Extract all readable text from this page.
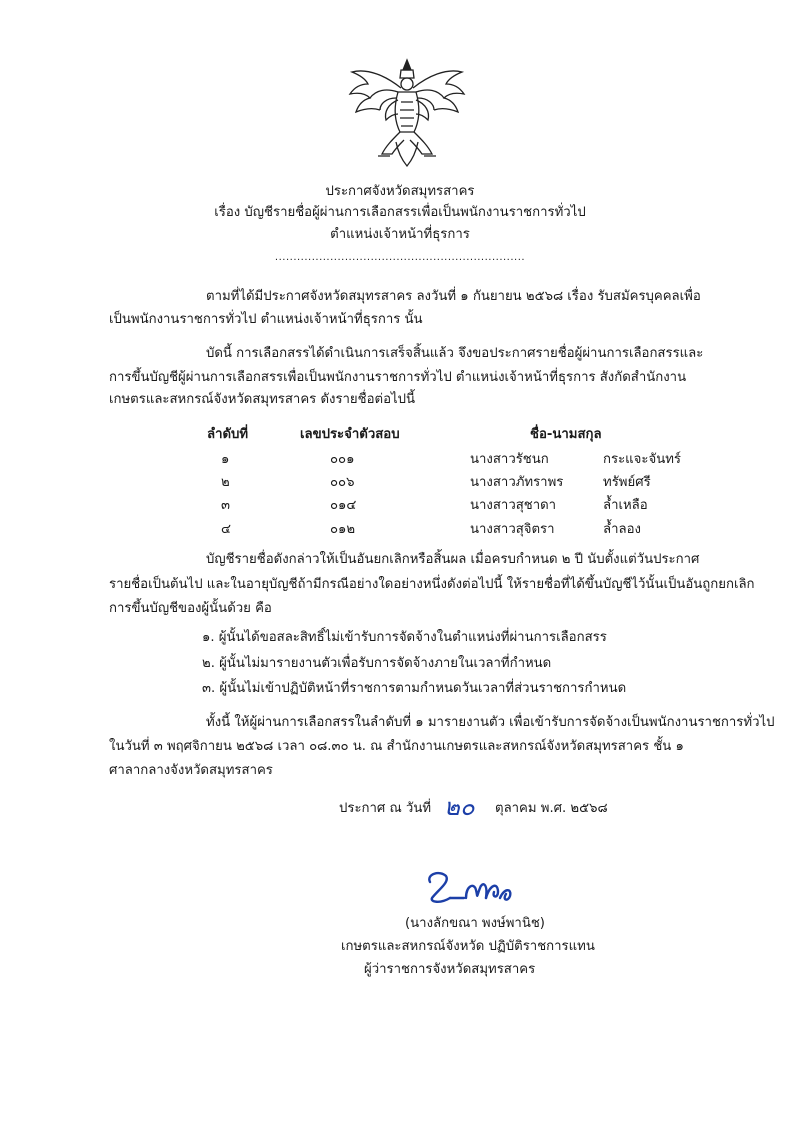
ประกาศจังหวัดสมุทรสาคร

เรื่อง บัญชีรายชื่อผู้ผ่านการเลือกสรรเพื่อเป็นพนักงานราชการทั่วไป

ตำแหน่งเจ้าหน้าที่ธุรการ

....................................................................

ตามที่ได้มีประกาศจังหวัดสมุทรสาคร ลงวันที่ ๑ กันยายน ๒๕๖๘ เรื่อง รับสมัครบุคคลเพื่อ

เป็นพนักงานราชการทั่วไป ตำแหน่งเจ้าหน้าที่ธุรการ นั้น

บัดนี้ การเลือกสรรได้ดำเนินการเสร็จสิ้นแล้ว จึงขอประกาศรายชื่อผู้ผ่านการเลือกสรรและ

การขึ้นบัญชีผู้ผ่านการเลือกสรรเพื่อเป็นพนักงานราชการทั่วไป ตำแหน่งเจ้าหน้าที่ธุรการ สังกัดสำนักงาน

เกษตรและสหกรณ์จังหวัดสมุทรสาคร ดังรายชื่อต่อไปนี้

ลำดับที่	เลขประจำตัวสอบ	ชื่อ-นามสกุล

๑	๐๐๑	นางสาวรัชนก	กระแจะจันทร์

๒	๐๐๖	นางสาวภัทราพร	ทรัพย์ศรี

๓	๐๑๔	นางสาวสุชาดา	ล้ำเหลือ

๔	๐๑๒	นางสาวสุจิตรา	ล้ำลอง

บัญชีรายชื่อดังกล่าวให้เป็นอันยกเลิกหรือสิ้นผล เมื่อครบกำหนด ๒ ปี นับตั้งแต่วันประกาศ

รายชื่อเป็นต้นไป และในอายุบัญชีถ้ามีกรณีอย่างใดอย่างหนึ่งดังต่อไปนี้ ให้รายชื่อที่ได้ขึ้นบัญชีไว้นั้นเป็นอันถูกยกเลิก

การขึ้นบัญชีของผู้นั้นด้วย คือ

๑. ผู้นั้นได้ขอสละสิทธิ์ไม่เข้ารับการจัดจ้างในตำแหน่งที่ผ่านการเลือกสรร

๒. ผู้นั้นไม่มารายงานตัวเพื่อรับการจัดจ้างภายในเวลาที่กำหนด

๓. ผู้นั้นไม่เข้าปฏิบัติหน้าที่ราชการตามกำหนดวันเวลาที่ส่วนราชการกำหนด

ทั้งนี้ ให้ผู้ผ่านการเลือกสรรในลำดับที่ ๑ มารายงานตัว เพื่อเข้ารับการจัดจ้างเป็นพนักงานราชการทั่วไป

ในวันที่ ๓ พฤศจิกายน ๒๕๖๘ เวลา ๐๘.๓๐ น. ณ สำนักงานเกษตรและสหกรณ์จังหวัดสมุทรสาคร ชั้น ๑

ศาลากลางจังหวัดสมุทรสาคร

ประกาศ ณ วันที่ ๒๐ ตุลาคม พ.ศ. ๒๕๖๘

(นางลักขณา พงษ์พานิช)

เกษตรและสหกรณ์จังหวัด ปฏิบัติราชการแทน

ผู้ว่าราชการจังหวัดสมุทรสาคร
